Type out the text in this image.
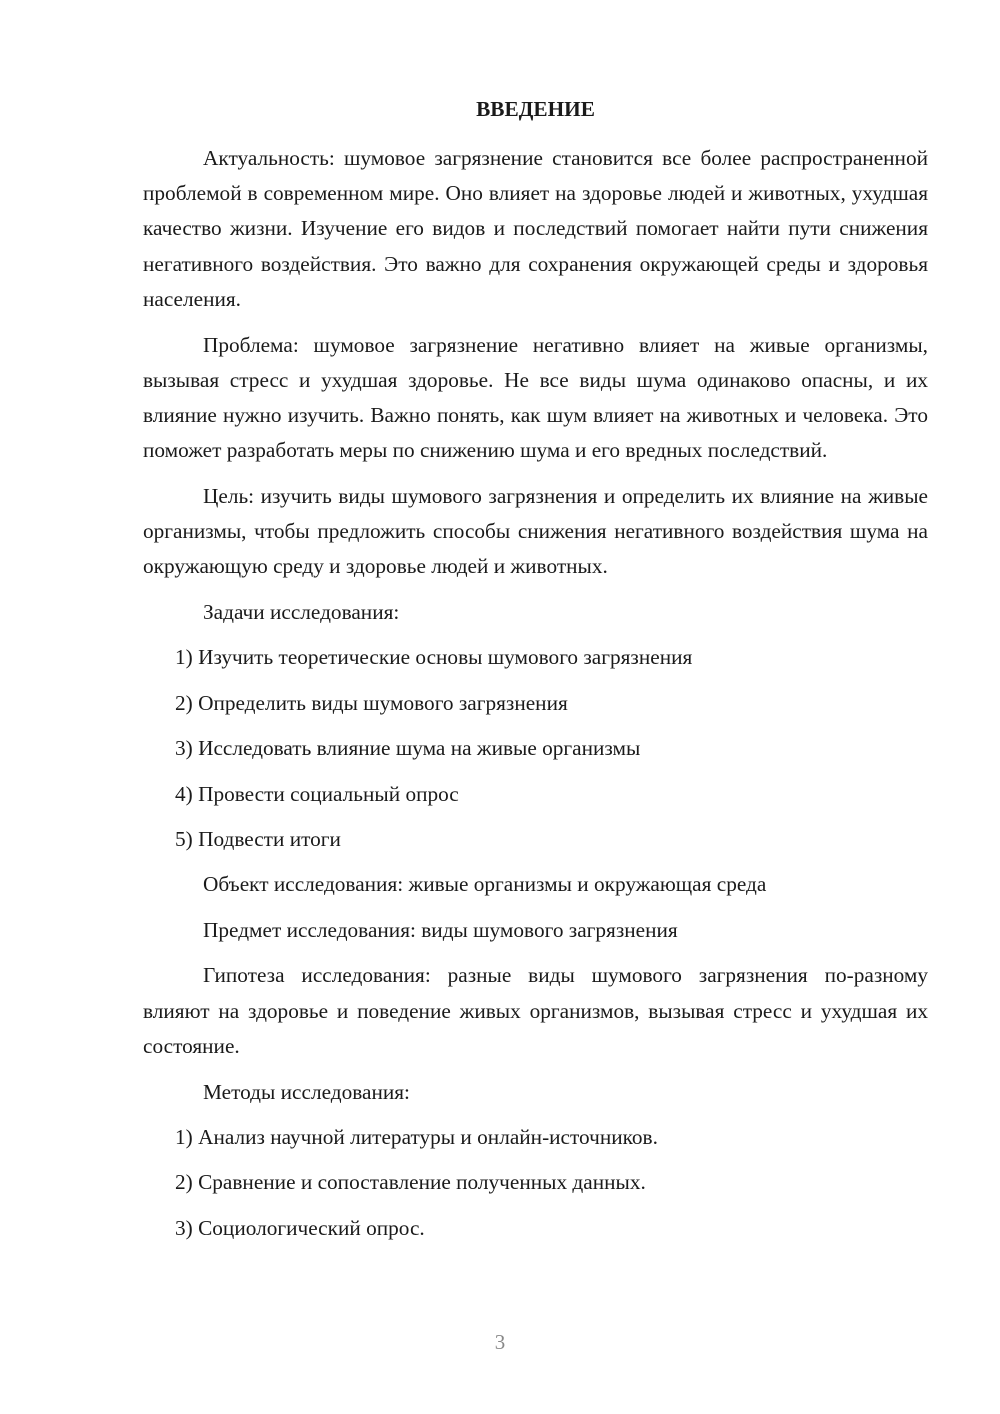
ВВЕДЕНИЕ

Актуальность: шумовое загрязнение становится все более распространенной проблемой в современном мире. Оно влияет на здоровье людей и животных, ухудшая качество жизни. Изучение его видов и последствий помогает найти пути снижения негативного воздействия. Это важно для сохранения окружающей среды и здоровья населения.

Проблема: шумовое загрязнение негативно влияет на живые организмы, вызывая стресс и ухудшая здоровье. Не все виды шума одинаково опасны, и их влияние нужно изучить. Важно понять, как шум влияет на животных и человека. Это поможет разработать меры по снижению шума и его вредных последствий.

Цель: изучить виды шумового загрязнения и определить их влияние на живые организмы, чтобы предложить способы снижения негативного воздействия шума на окружающую среду и здоровье людей и животных.

Задачи исследования:

1) Изучить теоретические основы шумового загрязнения
2) Определить виды шумового загрязнения
3) Исследовать влияние шума на живые организмы
4) Провести социальный опрос
5) Подвести итоги

Объект исследования: живые организмы и окружающая среда

Предмет исследования: виды шумового загрязнения

Гипотеза исследования: разные виды шумового загрязнения по-разному влияют на здоровье и поведение живых организмов, вызывая стресс и ухудшая их состояние.

Методы исследования:

1) Анализ научной литературы и онлайн-источников.
2) Сравнение и сопоставление полученных данных.
3) Социологический опрос.
3
